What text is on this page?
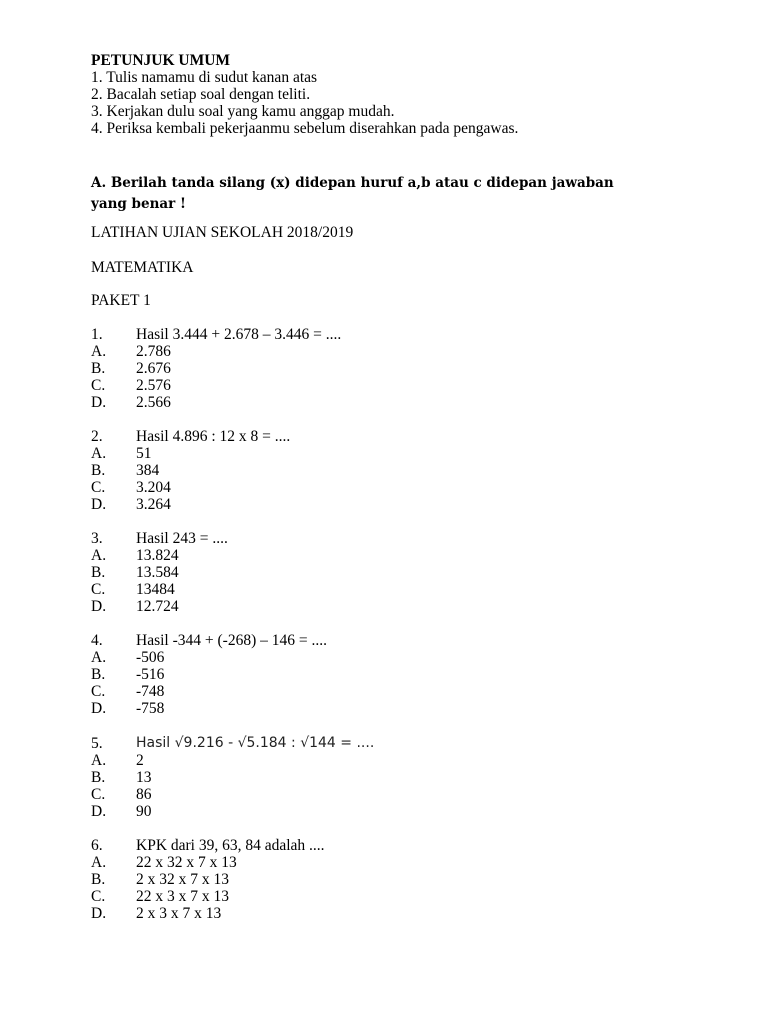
PETUNJUK UMUM
1. Tulis namamu di sudut kanan atas
2. Bacalah setiap soal dengan teliti.
3. Kerjakan dulu soal yang kamu anggap mudah.
4. Periksa kembali pekerjaanmu sebelum diserahkan pada pengawas.
A. Berilah tanda silang (x) didepan huruf a,b atau c didepan jawaban yang benar !
LATIHAN UJIAN SEKOLAH 2018/2019
MATEMATIKA
PAKET 1
1. Hasil 3.444 + 2.678 – 3.446 = ....
A. 2.786
B. 2.676
C. 2.576
D. 2.566
2. Hasil 4.896 : 12 x 8 = ....
A. 51
B. 384
C. 3.204
D. 3.264
3. Hasil 243 = ....
A. 13.824
B. 13.584
C. 13484
D. 12.724
4. Hasil -344 + (-268) – 146 = ....
A. -506
B. -516
C. -748
D. -758
5. Hasil √9.216 - √5.184 : √144 = ....
A. 2
B. 13
C. 86
D. 90
6. KPK dari 39, 63, 84 adalah ....
A. 22 x 32 x 7 x 13
B. 2 x 32 x 7 x 13
C. 22 x 3 x 7 x 13
D. 2 x 3 x 7 x 13
